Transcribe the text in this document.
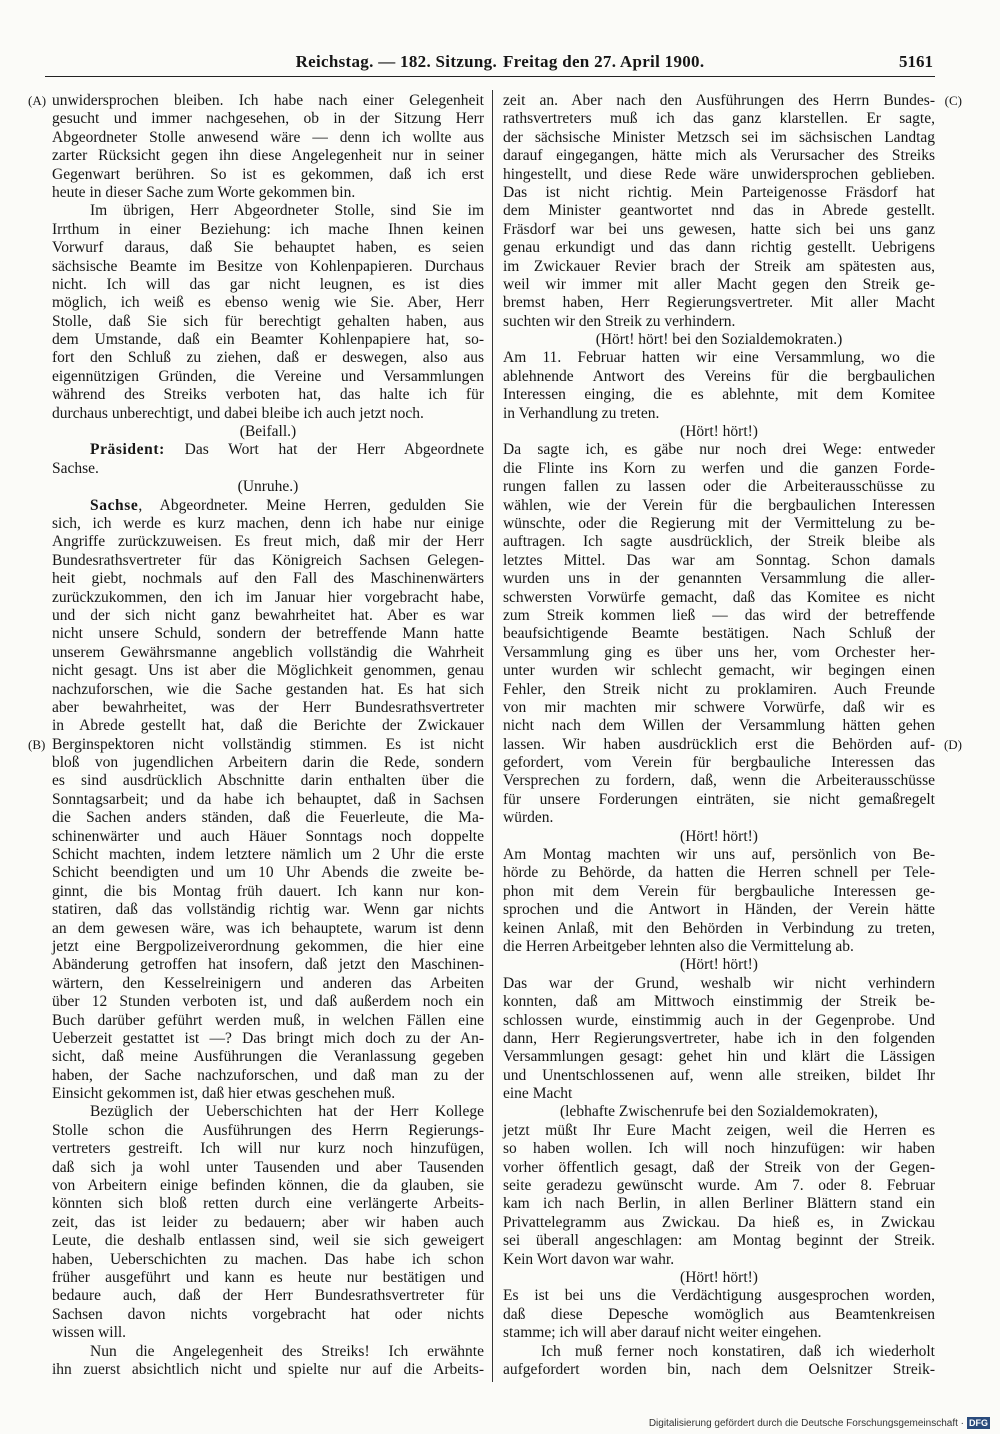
Reichstag. — 182. Sitzung. Freitag den 27. April 1900.	5161
unwidersprochen bleiben. Ich habe nach einer Gelegenheit
(A)
gesucht und immer nachgesehen, ob in der Sitzung Herr
Abgeordneter Stolle anwesend wäre — denn ich wollte aus
zarter Rücksicht gegen ihn diese Angelegenheit nur in seiner
Gegenwart berühren. So ist es gekommen, daß ich erst
heute in dieser Sache zum Worte gekommen bin.
Im übrigen, Herr Abgeordneter Stolle, sind Sie im
Irrthum in einer Beziehung: ich mache Ihnen keinen
Vorwurf daraus, daß Sie behauptet haben, es seien
sächsische Beamte im Besitze von Kohlenpapieren. Durchaus
nicht. Ich will das gar nicht leugnen, es ist dies
möglich, ich weiß es ebenso wenig wie Sie. Aber, Herr
Stolle, daß Sie sich für berechtigt gehalten haben, aus
dem Umstande, daß ein Beamter Kohlenpapiere hat, so-
fort den Schluß zu ziehen, daß er deswegen, also aus
eigennützigen Gründen, die Vereine und Versammlungen
während des Streiks verboten hat, das halte ich für
durchaus unberechtigt, und dabei bleibe ich auch jetzt noch.
(Beifall.)
Präsident: Das Wort hat der Herr Abgeordnete
Sachse.
(Unruhe.)
Sachse, Abgeordneter. Meine Herren, gedulden Sie
sich, ich werde es kurz machen, denn ich habe nur einige
Angriffe zurückzuweisen. Es freut mich, daß mir der Herr
Bundesrathsvertreter für das Königreich Sachsen Gelegen-
heit giebt, nochmals auf den Fall des Maschinenwärters
zurückzukommen, den ich im Januar hier vorgebracht habe,
und der sich nicht ganz bewahrheitet hat. Aber es war
nicht unsere Schuld, sondern der betreffende Mann hatte
unserem Gewährsmanne angeblich vollständig die Wahrheit
nicht gesagt. Uns ist aber die Möglichkeit genommen, genau
nachzuforschen, wie die Sache gestanden hat. Es hat sich
aber bewahrheitet, was der Herr Bundesrathsvertreter
in Abrede gestellt hat, daß die Berichte der Zwickauer
Berginspektoren nicht vollständig stimmen. Es ist nicht
(B)
bloß von jugendlichen Arbeitern darin die Rede, sondern
es sind ausdrücklich Abschnitte darin enthalten über die
Sonntagsarbeit; und da habe ich behauptet, daß in Sachsen
die Sachen anders ständen, daß die Feuerleute, die Ma-
schinenwärter und auch Häuer Sonntags noch doppelte
Schicht machten, indem letztere nämlich um 2 Uhr die erste
Schicht beendigten und um 10 Uhr Abends die zweite be-
ginnt, die bis Montag früh dauert. Ich kann nur kon-
statiren, daß das vollständig richtig war. Wenn gar nichts
an dem gewesen wäre, was ich behauptete, warum ist denn
jetzt eine Bergpolizeiverordnung gekommen, die hier eine
Abänderung getroffen hat insofern, daß jetzt den Maschinen-
wärtern, den Kesselreinigern und anderen das Arbeiten
über 12 Stunden verboten ist, und daß außerdem noch ein
Buch darüber geführt werden muß, in welchen Fällen eine
Ueberzeit gestattet ist —? Das bringt mich doch zu der An-
sicht, daß meine Ausführungen die Veranlassung gegeben
haben, der Sache nachzuforschen, und daß man zu der
Einsicht gekommen ist, daß hier etwas geschehen muß.
Bezüglich der Ueberschichten hat der Herr Kollege
Stolle schon die Ausführungen des Herrn Regierungs-
vertreters gestreift. Ich will nur kurz noch hinzufügen,
daß sich ja wohl unter Tausenden und aber Tausenden
von Arbeitern einige befinden können, die da glauben, sie
könnten sich bloß retten durch eine verlängerte Arbeits-
zeit, das ist leider zu bedauern; aber wir haben auch
Leute, die deshalb entlassen sind, weil sie sich geweigert
haben, Ueberschichten zu machen. Das habe ich schon
früher ausgeführt und kann es heute nur bestätigen und
bedaure auch, daß der Herr Bundesrathsvertreter für
Sachsen davon nichts vorgebracht hat oder nichts
wissen will.
Nun die Angelegenheit des Streiks! Ich erwähnte
ihn zuerst absichtlich nicht und spielte nur auf die Arbeits-
zeit an. Aber nach den Ausführungen des Herrn Bundes- (C)
rathsvertreters muß ich das ganz klarstellen. Er sagte,
der sächsische Minister Metzsch sei im sächsischen Landtag
darauf eingegangen, hätte mich als Verursacher des Streiks
hingestellt, und diese Rede wäre unwidersprochen geblieben.
Das ist nicht richtig. Mein Parteigenosse Fräsdorf hat
dem Minister geantwortet nnd das in Abrede gestellt.
Fräsdorf war bei uns gewesen, hatte sich bei uns ganz
genau erkundigt und das dann richtig gestellt. Uebrigens
im Zwickauer Revier brach der Streik am spätesten aus,
weil wir immer mit aller Macht gegen den Streik ge-
bremst haben, Herr Regierungsvertreter. Mit aller Macht
suchten wir den Streik zu verhindern.
(Hört! hört! bei den Sozialdemokraten.)
Am 11. Februar hatten wir eine Versammlung, wo die
ablehnende Antwort des Vereins für die bergbaulichen
Interessen einging, die es ablehnte, mit dem Komitee
in Verhandlung zu treten.
(Hört! hört!)
Da sagte ich, es gäbe nur noch drei Wege: entweder
die Flinte ins Korn zu werfen und die ganzen Forde-
rungen fallen zu lassen oder die Arbeiterausschüsse zu
wählen, wie der Verein für die bergbaulichen Interessen
wünschte, oder die Regierung mit der Vermittelung zu be-
auftragen. Ich sagte ausdrücklich, der Streik bleibe als
letztes Mittel. Das war am Sonntag. Schon damals
wurden uns in der genannten Versammlung die aller-
schwersten Vorwürfe gemacht, daß das Komitee es nicht
zum Streik kommen ließ — das wird der betreffende
beaufsichtigende Beamte bestätigen. Nach Schluß der
Versammlung ging es über uns her, vom Orchester her-
unter wurden wir schlecht gemacht, wir begingen einen
Fehler, den Streik nicht zu proklamiren. Auch Freunde
von mir machten mir schwere Vorwürfe, daß wir es
nicht nach dem Willen der Versammlung hätten gehen
lassen. Wir haben ausdrücklich erst die Behörden auf- (D)
gefordert, vom Verein für bergbauliche Interessen das
Versprechen zu fordern, daß, wenn die Arbeiterausschüsse
für unsere Forderungen einträten, sie nicht gemaßregelt
würden.
(Hört! hört!)
Am Montag machten wir uns auf, persönlich von Be-
hörde zu Behörde, da hatten die Herren schnell per Tele-
phon mit dem Verein für bergbauliche Interessen ge-
sprochen und die Antwort in Händen, der Verein hätte
keinen Anlaß, mit den Behörden in Verbindung zu treten,
die Herren Arbeitgeber lehnten also die Vermittelung ab.
(Hört! hört!)
Das war der Grund, weshalb wir nicht verhindern
konnten, daß am Mittwoch einstimmig der Streik be-
schlossen wurde, einstimmig auch in der Gegenprobe. Und
dann, Herr Regierungsvertreter, habe ich in den folgenden
Versammlungen gesagt: gehet hin und klärt die Lässigen
und Unentschlossenen auf, wenn alle streiken, bildet Ihr
eine Macht
(lebhafte Zwischenrufe bei den Sozialdemokraten),
jetzt müßt Ihr Eure Macht zeigen, weil die Herren es
so haben wollen. Ich will noch hinzufügen: wir haben
vorher öffentlich gesagt, daß der Streik von der Gegen-
seite geradezu gewünscht wurde. Am 7. oder 8. Februar
kam ich nach Berlin, in allen Berliner Blättern stand ein
Privattelegramm aus Zwickau. Da hieß es, in Zwickau
sei überall angeschlagen: am Montag beginnt der Streik.
Kein Wort davon war wahr.
(Hört! hört!)
Es ist bei uns die Verdächtigung ausgesprochen worden,
daß diese Depesche womöglich aus Beamtenkreisen
stamme; ich will aber darauf nicht weiter eingehen.
Ich muß ferner noch konstatiren, daß ich wiederholt
aufgefordert worden bin, nach dem Oelsnitzer Streik-
Digitalisierung gefördert durch die Deutsche Forschungsgemeinschaft · DFG
